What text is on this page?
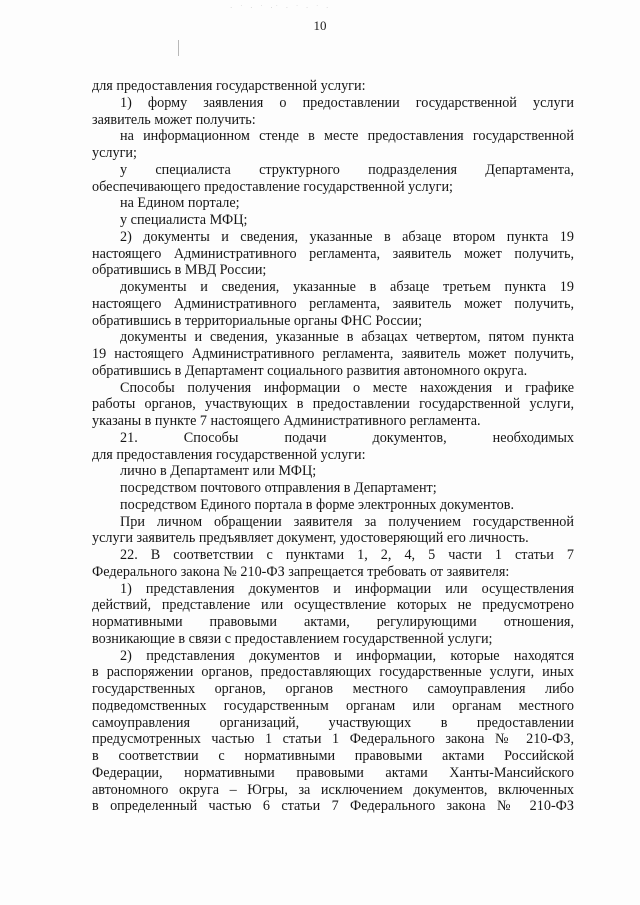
· ˙ · ˙ ·˙ · ˙ · ˙ ·
10
для предоставления государственной услуги:
1) форму заявления о предоставлении государственной услуги
заявитель может получить:
на информационном стенде в месте предоставления государственной
услуги;
у специалиста структурного подразделения Департамента,
обеспечивающего предоставление государственной услуги;
на Едином портале;
у специалиста МФЦ;
2) документы и сведения, указанные в абзаце втором пункта 19
настоящего Административного регламента, заявитель может получить,
обратившись в МВД России;
документы и сведения, указанные в абзаце третьем пункта 19
настоящего Административного регламента, заявитель может получить,
обратившись в территориальные органы ФНС России;
документы и сведения, указанные в абзацах четвертом, пятом пункта
19 настоящего Административного регламента, заявитель может получить,
обратившись в Департамент социального развития автономного округа.
Способы получения информации о месте нахождения и графике
работы органов, участвующих в предоставлении государственной услуги,
указаны в пункте 7 настоящего Административного регламента.
21. Способы подачи документов, необходимых
для предоставления государственной услуги:
лично в Департамент или МФЦ;
посредством почтового отправления в Департамент;
посредством Единого портала в форме электронных документов.
При личном обращении заявителя за получением государственной
услуги заявитель предъявляет документ, удостоверяющий его личность.
22. В соответствии с пунктами 1, 2, 4, 5 части 1 статьи 7
Федерального закона № 210-ФЗ запрещается требовать от заявителя:
1) представления документов и информации или осуществления
действий, представление или осуществление которых не предусмотрено
нормативными правовыми актами, регулирующими отношения,
возникающие в связи с предоставлением государственной услуги;
2) представления документов и информации, которые находятся
в распоряжении органов, предоставляющих государственные услуги, иных
государственных органов, органов местного самоуправления либо
подведомственных государственным органам или органам местного
самоуправления организаций, участвующих в предоставлении
предусмотренных частью 1 статьи 1 Федерального закона № 210-ФЗ,
в соответствии с нормативными правовыми актами Российской
Федерации, нормативными правовыми актами Ханты-Мансийского
автономного округа – Югры, за исключением документов, включенных
в определенный частью 6 статьи 7 Федерального закона № 210-ФЗ
